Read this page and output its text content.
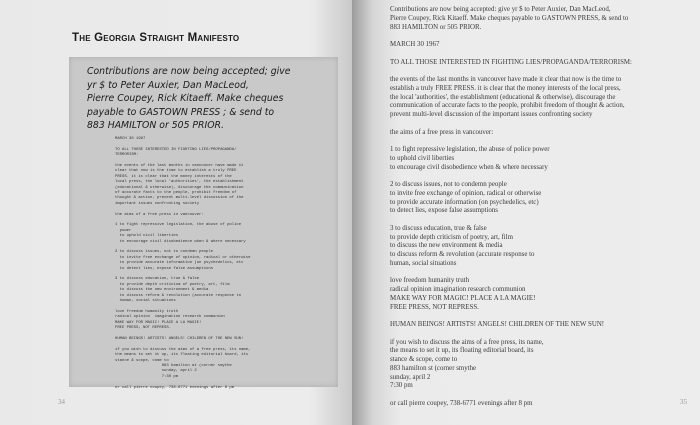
The Georgia Straight Manifesto
Contributions are now being accepted; give
yr $ to Peter Auxier, Dan MacLeod,
Pierre Coupey, Rick Kitaeff. Make cheques
payable to GASTOWN PRESS ; & send to
883 HAMILTON or 505 PRIOR.
MARCH 30 1967
TO ALL THOSE INTERESTED IN FIGHTING LIES/PROPAGANDA/
TERRORISM:
the events of the last months in vancouver have made it
clear that now is the time to establish a truly FREE
PRESS. it is clear that the money interests of the
local press, the local 'authorities', the establishment
(educational & otherwise), discourage the communication
of accurate facts to the people, prohibit freedom of
thought & action, prevent multi-level discussion of the
important issues confronting society
the aims of a free press in vancouver:
1 to fight repressive legislation, the abuse of police
power
to uphold civil liberties
to encourage civil disobedience when & where necessary
2 to discuss issues, not to condemn people
to invite free exchange of opinion, radical or otherwise
to provide accurate information (on psychedelics, etc
to detect lies, expose false assumptions
3 to discuss education, true & false
to provide depth criticism of poetry, art, film
to discuss the new environment & media
to discuss reform & revolution (accurate response to
human, social situations
love freedom humanity truth
radical opinion  imagination research communion
MAKE WAY FOR MAGIC! PLACE A LA MAGIE!
FREE PRESS, NOT REPRESS.
HUMAN BEINGS! ARTISTS! ANGELS! CHILDREN OF THE NEW SUN!
if you wish to discuss the aims of a free press, its name,
the means to set it up, its floating editorial board, its
stance & scope, come to
883 hamilton at (corner smythe
sunday, april 2
7:30 pm
or call pierre coupey, 738-6771 evenings after 8 pm
34
Contributions are now being accepted: give yr $ to Peter Auxier, Dan MacLeod,
Pierre Coupey, Rick Kitaeff. Make cheques payable to GASTOWN PRESS, & send to
883 HAMILTON or 505 PRIOR.
MARCH 30 1967
TO ALL THOSE INTERESTED IN FIGHTING LIES/PROPAGANDA/TERRORISM:
the events of the last months in vancouver have made it clear that now is the time to
establish a truly FREE PRESS. it is clear that the money interests of the local press,
the local 'authorities', the establishment (educational & otherwise), discourage the
communication of accurate facts to the people, prohibit freedom of thought & action,
prevent multi-level discussion of the important issues confronting society
the aims of a free press in vancouver:
1 to fight repressive legislation, the abuse of police power
to uphold civil liberties
to encourage civil disobedience when & where necessary
2 to discuss issues, not to condemn people
to invite free exchange of opinion, radical or otherwise
to provide accurate information (on psychedelics, etc)
to detect lies, expose false assumptions
3 to discuss education, true & false
to provide depth criticism of poetry, art, film
to discuss the new environment & media
to discuss reform & revolution (accurate response to
human, social situations
love freedom humanity truth
radical opinion imagination research communion
MAKE WAY FOR MAGIC! PLACE A LA MAGIE!
FREE PRESS, NOT REPRESS.
HUMAN BEINGS! ARTISTS! ANGELS! CHILDREN OF THE NEW SUN!
if you wish to discuss the aims of a free press, its name,
the means to set it up, its floating editorial board, its
stance & scope, come to
883 hamilton st (corner smythe
sunday, april 2
7:30 pm
or call pierre coupey, 738-6771 evenings after 8 pm	35
